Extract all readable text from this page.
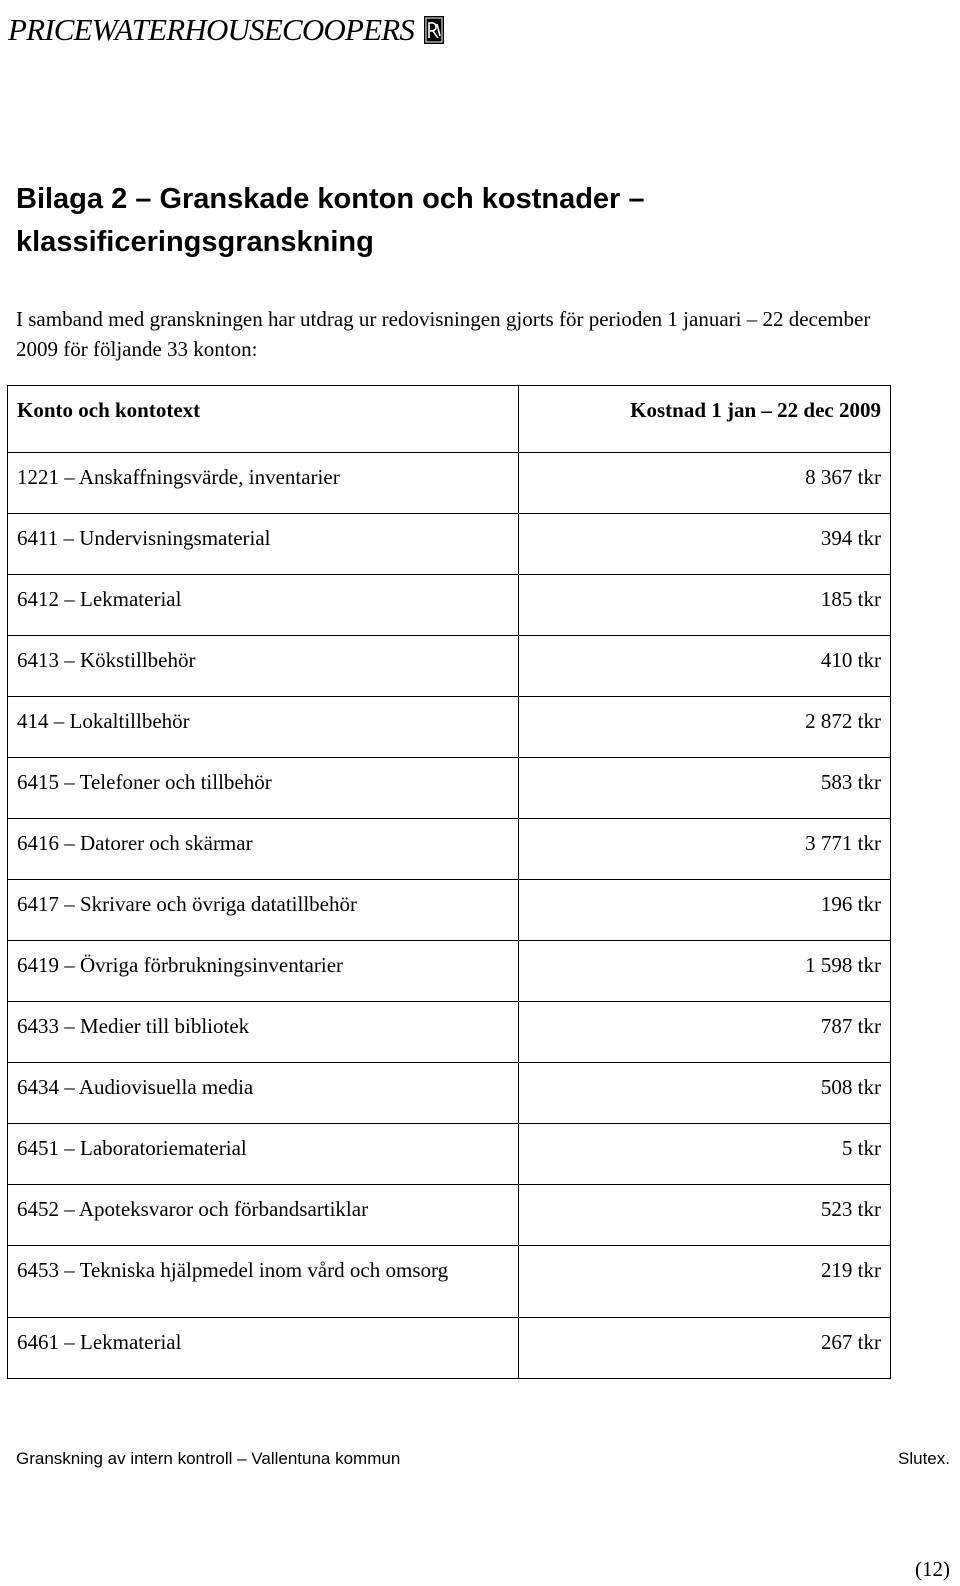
PRICEWATERHOUSECOOPERS
Bilaga 2 – Granskade konton och kostnader – klassificeringsgranskning

I samband med granskningen har utdrag ur redovisningen gjorts för perioden 1 januari – 22 december 2009 för följande 33 konton:

Konto och kontotext	Kostnad 1 jan – 22 dec 2009
1221 – Anskaffningsvärde, inventarier	8 367 tkr
6411 – Undervisningsmaterial	394 tkr
6412 – Lekmaterial	185 tkr
6413 – Kökstillbehör	410 tkr
414 – Lokaltillbehör	2 872 tkr
6415 – Telefoner och tillbehör	583 tkr
6416 – Datorer och skärmar	3 771 tkr
6417 – Skrivare och övriga datatillbehör	196 tkr
6419 – Övriga förbrukningsinventarier	1 598 tkr
6433 – Medier till bibliotek	787 tkr
6434 – Audiovisuella media	508 tkr
6451 – Laboratoriematerial	5 tkr
6452 – Apoteksvaror och förbandsartiklar	523 tkr
6453 – Tekniska hjälpmedel inom vård och omsorg	219 tkr
6461 – Lekmaterial	267 tkr
Granskning av intern kontroll – Vallentuna kommun	Slutex.
(12)
